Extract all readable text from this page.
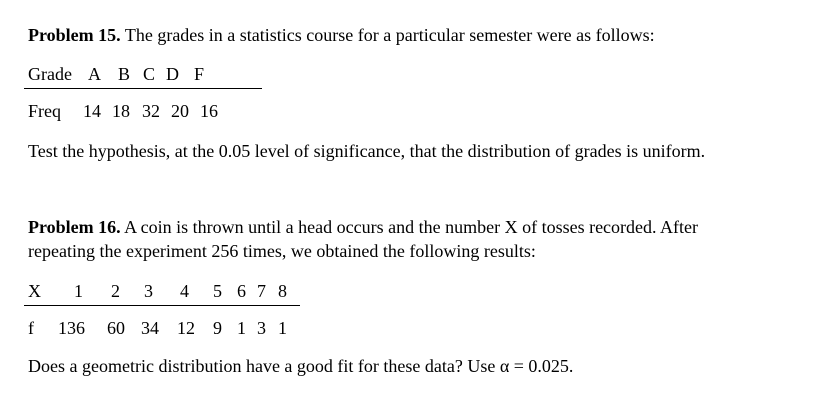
Problem 15. The grades in a statistics course for a particular semester were as follows:
Grade A B C D F
Freq 14 18 32 20 16
Test the hypothesis, at the 0.05 level of significance, that the distribution of grades is uniform.
Problem 16. A coin is thrown until a head occurs and the number X of tosses recorded. After
repeating the experiment 256 times, we obtained the following results:
X 1 2 3 4 5 6 7 8
f 136 60 34 12 9 1 3 1
Does a geometric distribution have a good fit for these data? Use α = 0.025.
